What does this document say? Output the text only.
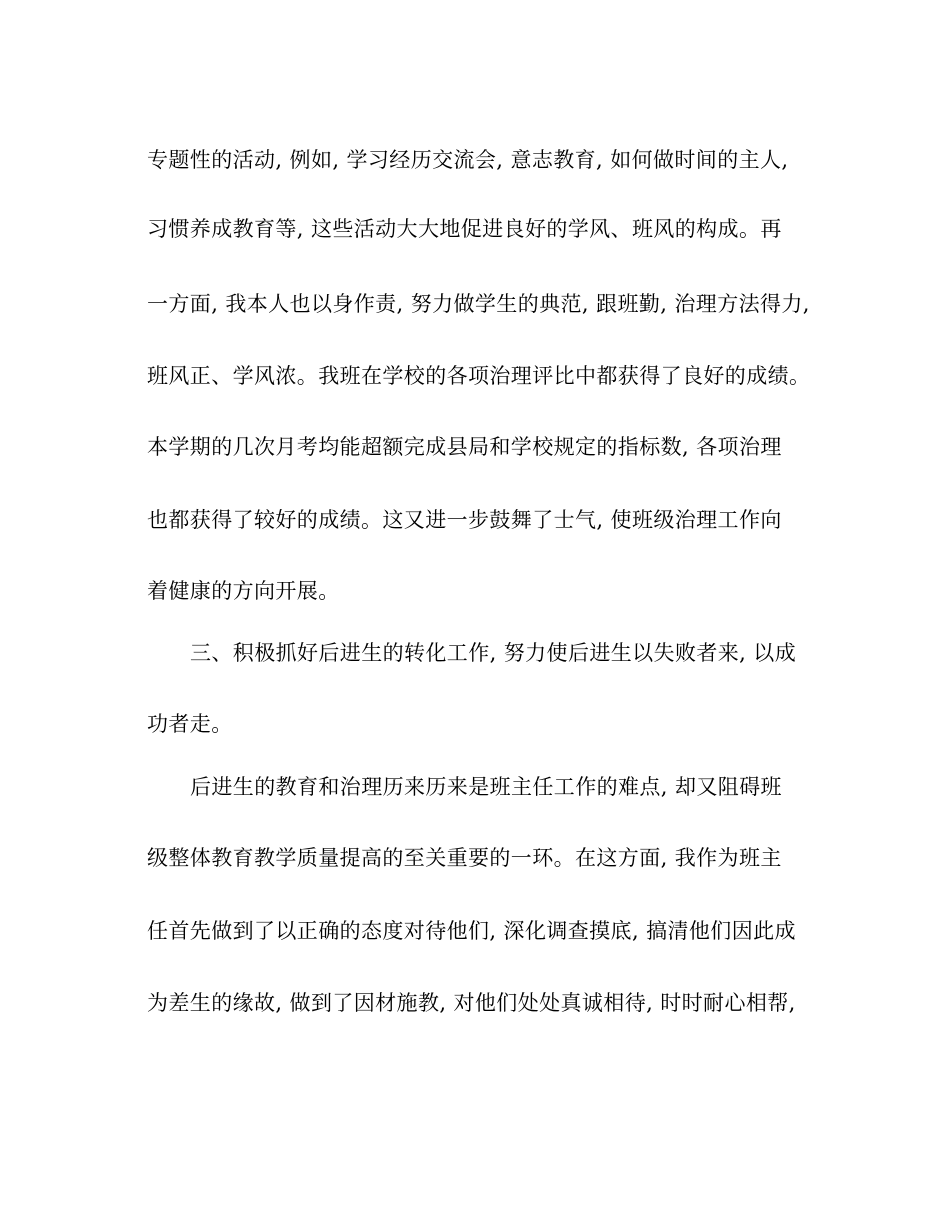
专题性的活动, 例如, 学习经历交流会, 意志教育, 如何做时间的主人,
习惯养成教育等, 这些活动大大地促进良好的学风、班风的构成。再
一方面, 我本人也以身作责, 努力做学生的典范, 跟班勤, 治理方法得力,
班风正、学风浓。我班在学校的各项治理评比中都获得了良好的成绩。
本学期的几次月考均能超额完成县局和学校规定的指标数, 各项治理
也都获得了较好的成绩。这又进一步鼓舞了士气, 使班级治理工作向
着健康的方向开展。
三、积极抓好后进生的转化工作, 努力使后进生以失败者来, 以成
功者走。
后进生的教育和治理历来历来是班主任工作的难点, 却又阻碍班
级整体教育教学质量提高的至关重要的一环。在这方面, 我作为班主
任首先做到了以正确的态度对待他们, 深化调查摸底, 搞清他们因此成
为差生的缘故, 做到了因材施教, 对他们处处真诚相待, 时时耐心相帮,
